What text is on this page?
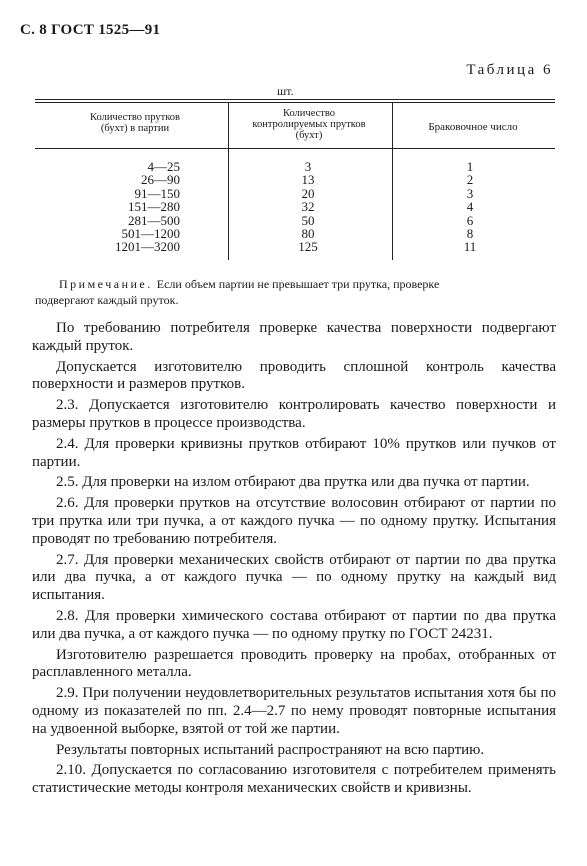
С. 8 ГОСТ 1525—91
Таблица 6
шт.
Количество прутков
(бухт) в партии
Количество
контролируемых прутков
(бухт)
Браковочное число
4—25
26—90
91—150
151—280
281—500
501—1200
1201—3200
3
13
20
32
50
80
125
1
2
3
4
6
8
11
Примечание. Если объем партии не превышает три прутка, проверке
подвергают каждый пруток.

По требованию потребителя проверке качества поверхности подвергают каждый пруток.

Допускается изготовителю проводить сплошной контроль качества поверхности и размеров прутков.

2.3. Допускается изготовителю контролировать качество поверхности и размеры прутков в процессе производства.

2.4. Для проверки кривизны прутков отбирают 10% прутков или пучков от партии.

2.5. Для проверки на излом отбирают два прутка или два пучка от партии.

2.6. Для проверки прутков на отсутствие волосовин отбирают от партии по три прутка или три пучка, а от каждого пучка — по одному прутку. Испытания проводят по требованию потребителя.

2.7. Для проверки механических свойств отбирают от партии по два прутка или два пучка, а от каждого пучка — по одному прутку на каждый вид испытания.

2.8. Для проверки химического состава отбирают от партии по два прутка или два пучка, а от каждого пучка — по одному прутку по ГОСТ 24231.

Изготовителю разрешается проводить проверку на пробах, отобранных от расплавленного металла.

2.9. При получении неудовлетворительных результатов испытания хотя бы по одному из показателей по пп. 2.4—2.7 по нему проводят повторные испытания на удвоенной выборке, взятой от той же партии.

Результаты повторных испытаний распространяют на всю партию.

2.10. Допускается по согласованию изготовителя с потребителем применять статистические методы контроля механических свойств и кривизны.
